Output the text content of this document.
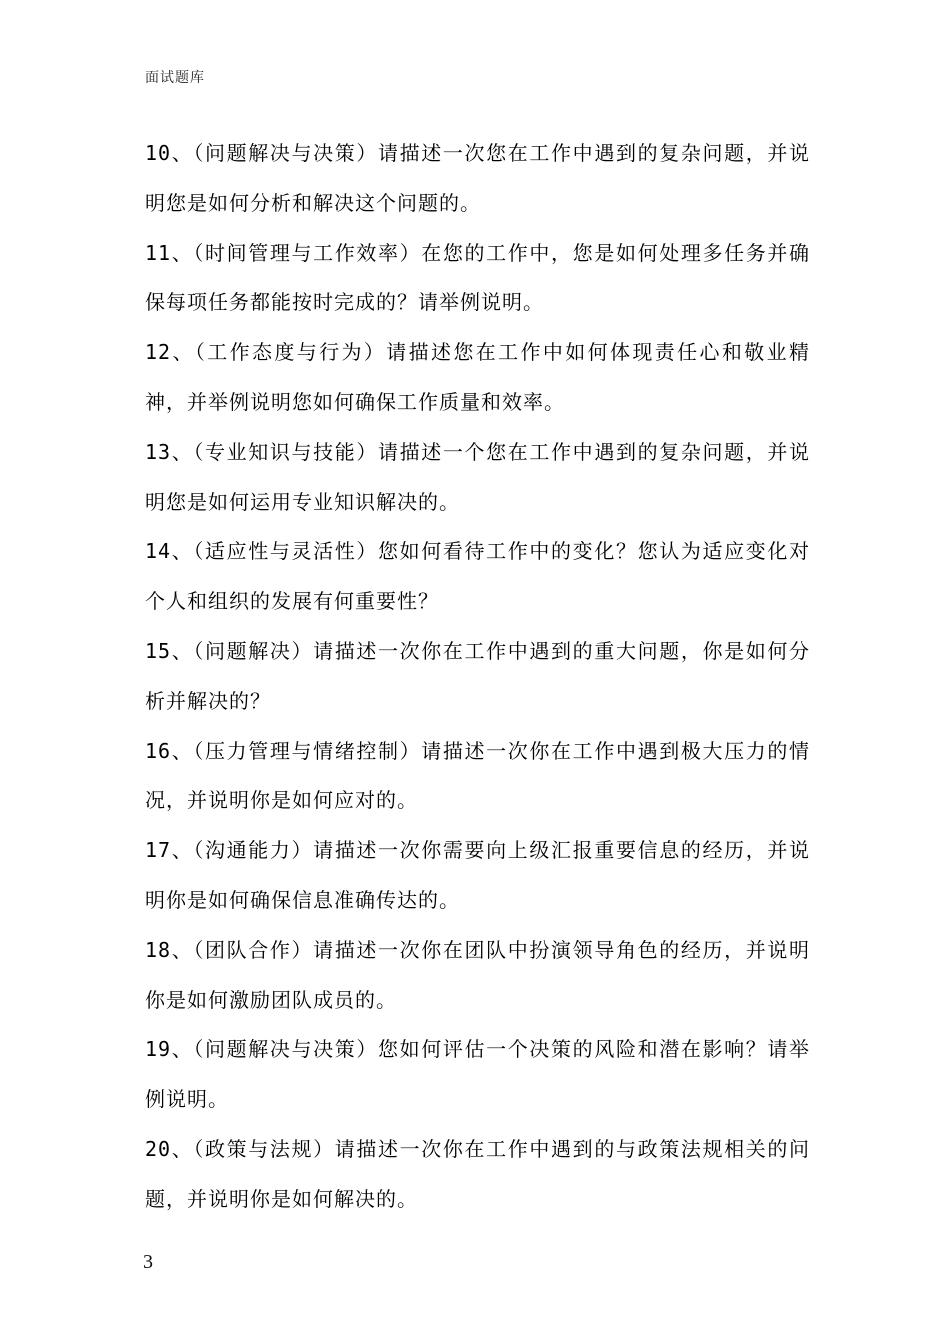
面试题库

10、（问题解决与决策）请描述一次您在工作中遇到的复杂问题，并说明您是如何分析和解决这个问题的。

11、（时间管理与工作效率）在您的工作中，您是如何处理多任务并确保每项任务都能按时完成的？请举例说明。

12、（工作态度与行为）请描述您在工作中如何体现责任心和敬业精神，并举例说明您如何确保工作质量和效率。

13、（专业知识与技能）请描述一个您在工作中遇到的复杂问题，并说明您是如何运用专业知识解决的。

14、（适应性与灵活性）您如何看待工作中的变化？您认为适应变化对个人和组织的发展有何重要性？

15、（问题解决）请描述一次你在工作中遇到的重大问题，你是如何分析并解决的？

16、（压力管理与情绪控制）请描述一次你在工作中遇到极大压力的情况，并说明你是如何应对的。

17、（沟通能力）请描述一次你需要向上级汇报重要信息的经历，并说明你是如何确保信息准确传达的。

18、（团队合作）请描述一次你在团队中扮演领导角色的经历，并说明你是如何激励团队成员的。

19、（问题解决与决策）您如何评估一个决策的风险和潜在影响？请举例说明。

20、（政策与法规）请描述一次你在工作中遇到的与政策法规相关的问题，并说明你是如何解决的。

3
